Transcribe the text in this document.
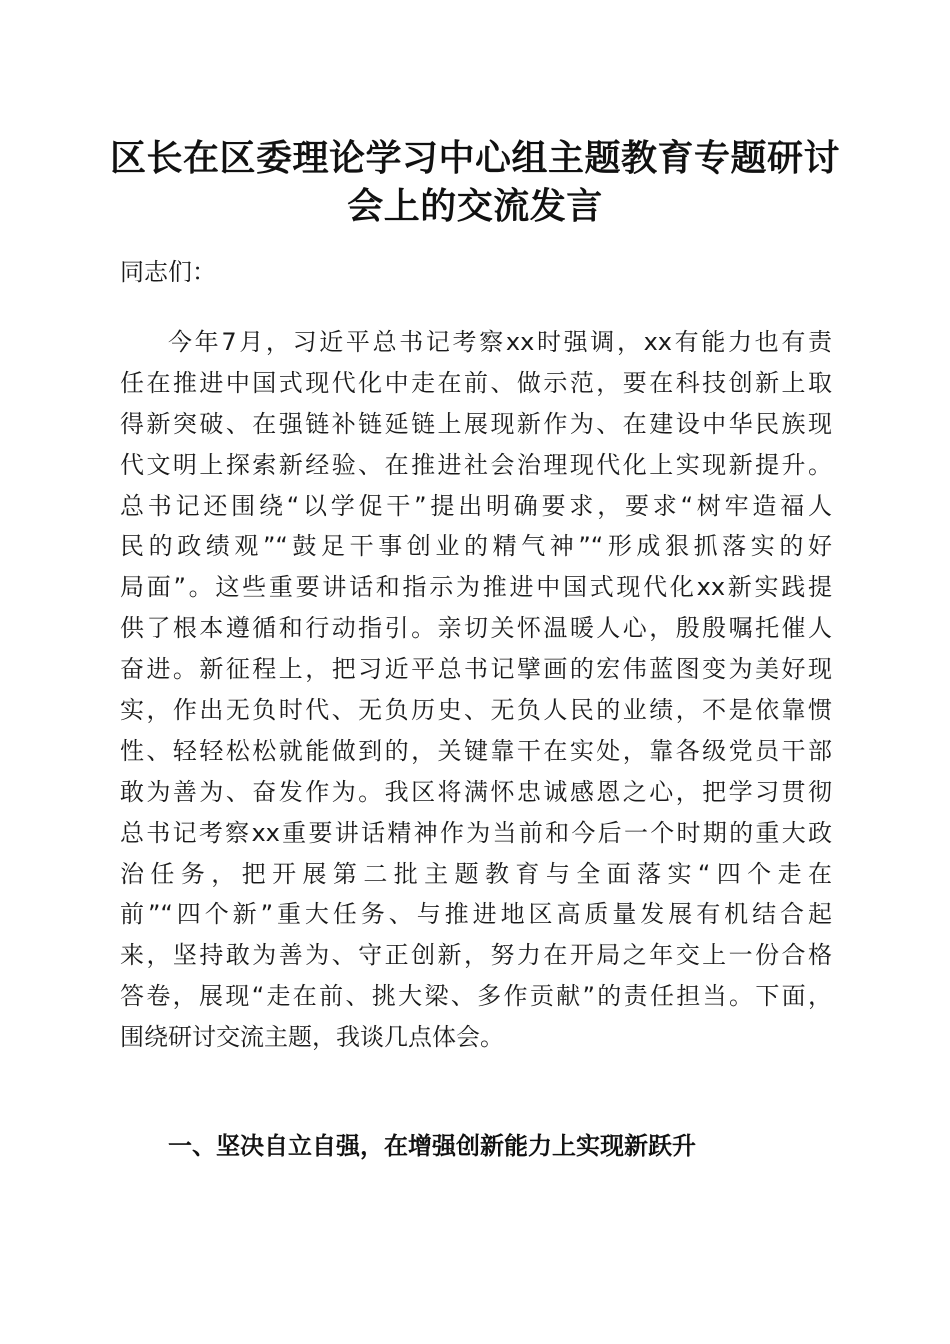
区长在区委理论学习中心组主题教育专题研讨
会上的交流发言
同志们：
今年7月，习近平总书记考察xx时强调，xx有能力也有责
任在推进中国式现代化中走在前、做示范，要在科技创新上取
得新突破、在强链补链延链上展现新作为、在建设中华民族现
代文明上探索新经验、在推进社会治理现代化上实现新提升。
总书记还围绕“以学促干”提出明确要求，要求“树牢造福人
民的政绩观”“鼓足干事创业的精气神”“形成狠抓落实的好
局面”。这些重要讲话和指示为推进中国式现代化xx新实践提
供了根本遵循和行动指引。亲切关怀温暖人心，殷殷嘱托催人
奋进。新征程上，把习近平总书记擘画的宏伟蓝图变为美好现
实，作出无负时代、无负历史、无负人民的业绩，不是依靠惯
性、轻轻松松就能做到的，关键靠干在实处，靠各级党员干部
敢为善为、奋发作为。我区将满怀忠诚感恩之心，把学习贯彻
总书记考察xx重要讲话精神作为当前和今后一个时期的重大政
治任务，把开展第二批主题教育与全面落实“四个走在
前”“四个新”重大任务、与推进地区高质量发展有机结合起
来，坚持敢为善为、守正创新，努力在开局之年交上一份合格
答卷，展现“走在前、挑大梁、多作贡献”的责任担当。下面，
围绕研讨交流主题，我谈几点体会。
一、坚决自立自强，在增强创新能力上实现新跃升
